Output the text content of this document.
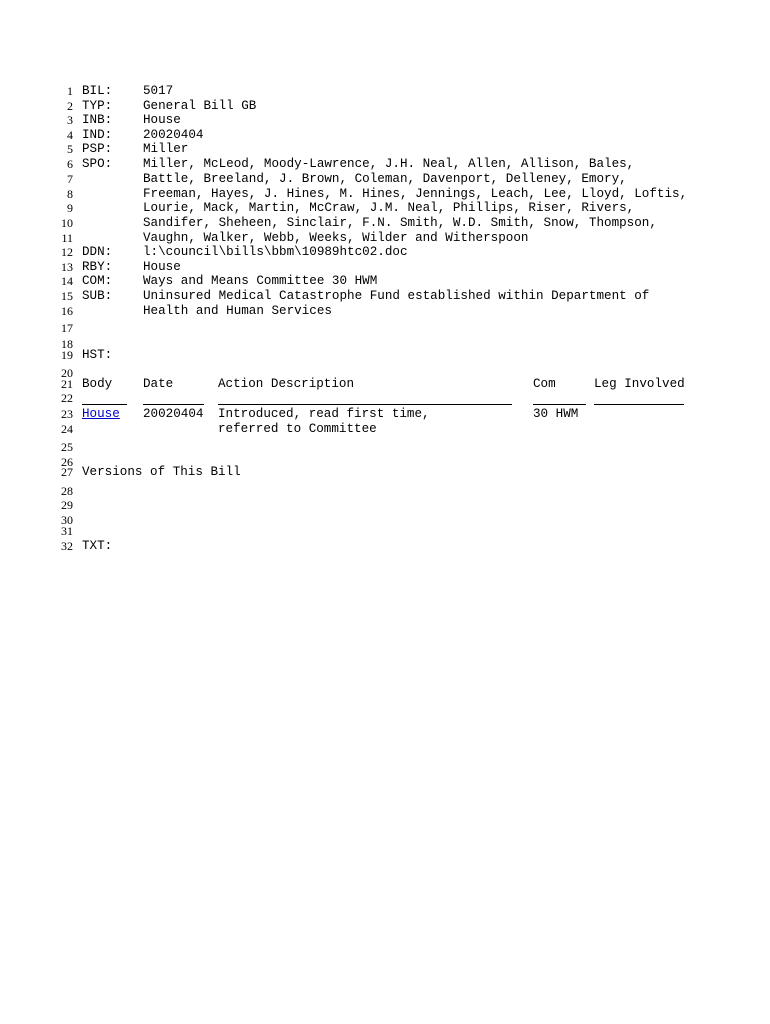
1
2
3
4
5
6
7
8
9
10
11
12
13
14
15
16
17
18
19
20
21
22
23
24
25
26
27
28
29
30
31
32
BIL: 5017
TYP: General Bill GB
INB: House
IND: 20020404
PSP: Miller
SPO: Miller, McLeod, Moody-Lawrence, J.H. Neal, Allen, Allison, Bales,
Battle, Breeland, J. Brown, Coleman, Davenport, Delleney, Emory,
Freeman, Hayes, J. Hines, M. Hines, Jennings, Leach, Lee, Lloyd, Loftis,
Lourie, Mack, Martin, McCraw, J.M. Neal, Phillips, Riser, Rivers,
Sandifer, Sheheen, Sinclair, F.N. Smith, W.D. Smith, Snow, Thompson,
Vaughn, Walker, Webb, Weeks, Wilder and Witherspoon
DDN: l:\council\bills\bbm\10989htc02.doc
RBY: House
COM: Ways and Means Committee 30 HWM
SUB: Uninsured Medical Catastrophe Fund established within Department of
Health and Human Services
HST:
Body Date	Action Description	Com	Leg Involved
House 20020404 Introduced, read first time,
referred to Committee
30 HWM
Versions of This Bill
TXT:
